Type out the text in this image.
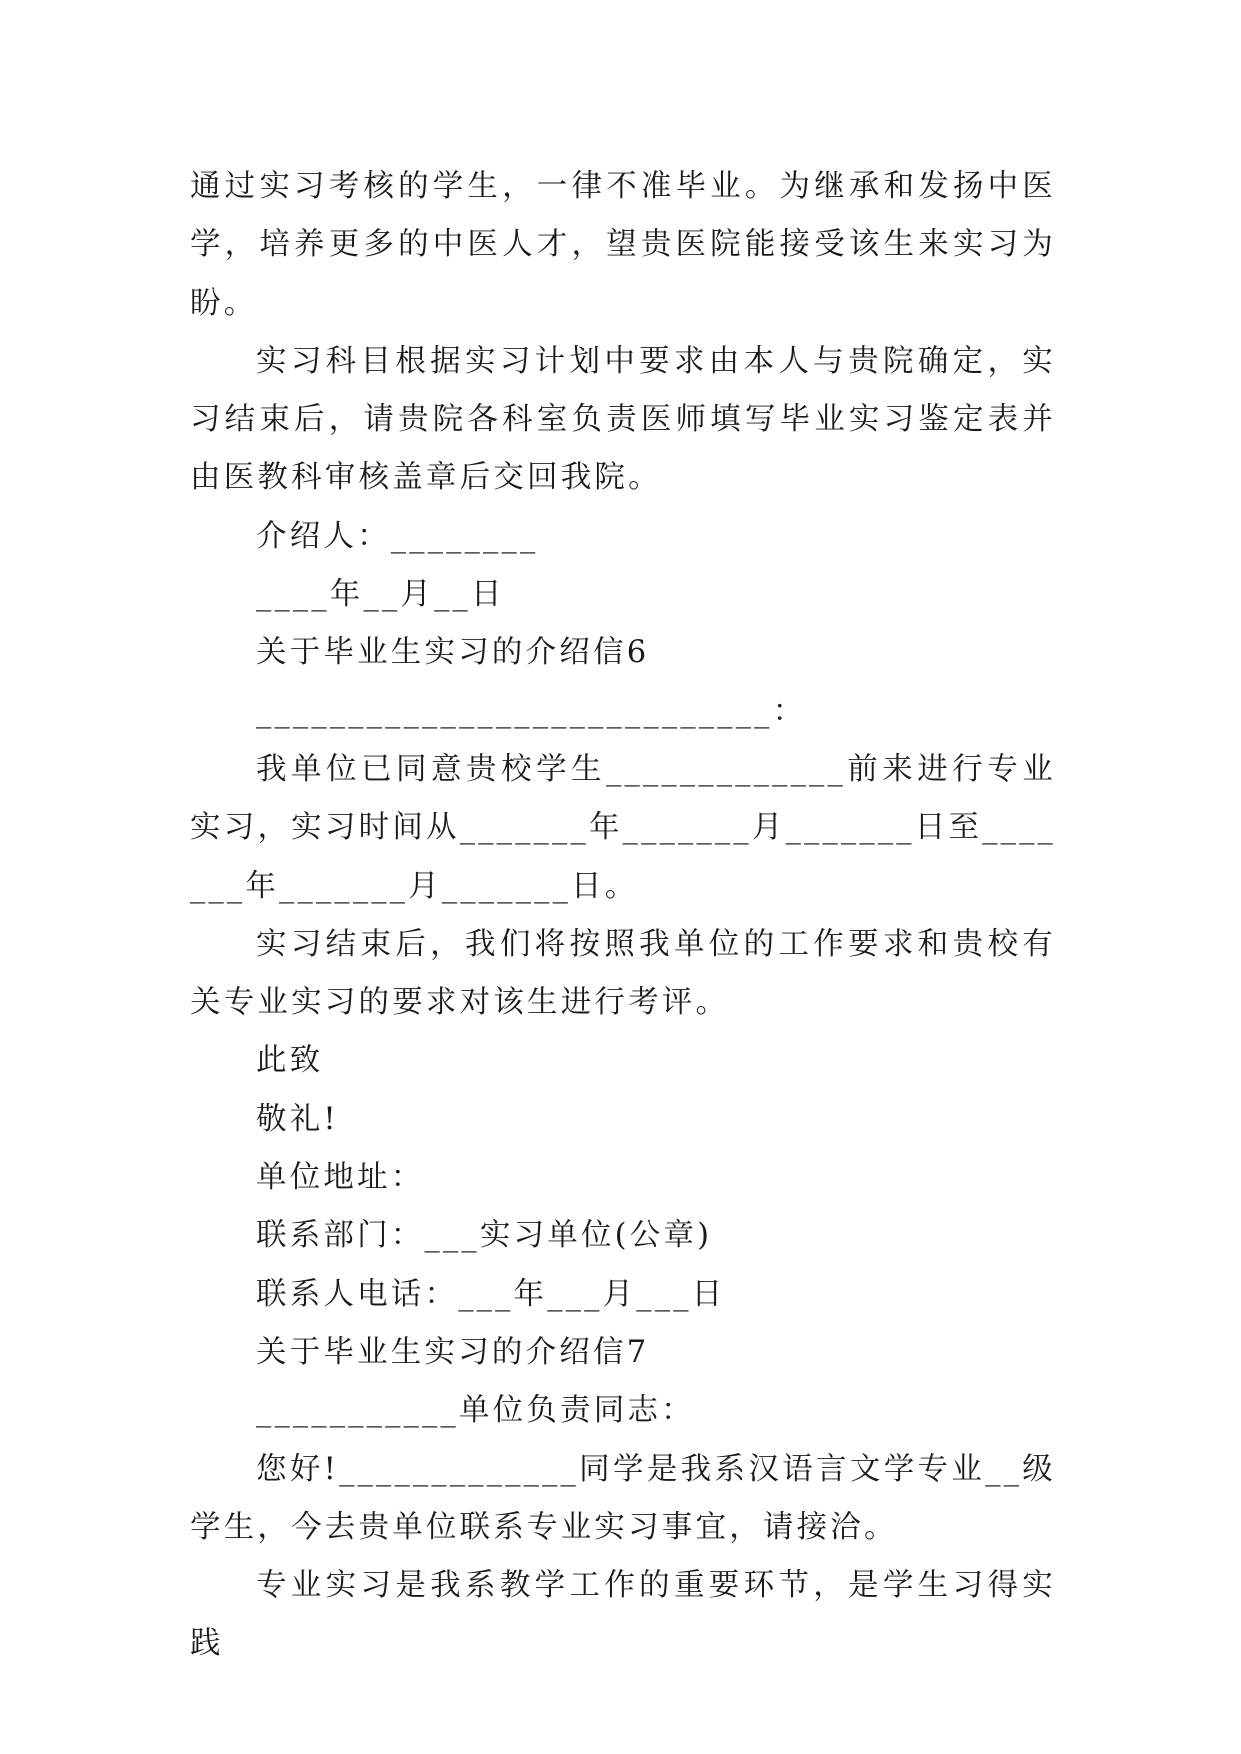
通过实习考核的学生，一律不准毕业。为继承和发扬中医学，培养更多的中医人才，望贵医院能接受该生来实习为盼。

实习科目根据实习计划中要求由本人与贵院确定，实习结束后，请贵院各科室负责医师填写毕业实习鉴定表并由医教科审核盖章后交回我院。

介绍人：________

____年__月__日

关于毕业生实习的介绍信6

____________________________：

我单位已同意贵校学生_____________前来进行专业实习，实习时间从_______年_______月_______日至_______年_______月_______日。

实习结束后，我们将按照我单位的工作要求和贵校有关专业实习的要求对该生进行考评。

此致

敬礼!

单位地址：

联系部门：___实习单位(公章)

联系人电话：___年___月___日

关于毕业生实习的介绍信7

___________单位负责同志：

您好!_____________同学是我系汉语言文学专业__级学生，今去贵单位联系专业实习事宜，请接洽。

专业实习是我系教学工作的重要环节，是学生习得实践
